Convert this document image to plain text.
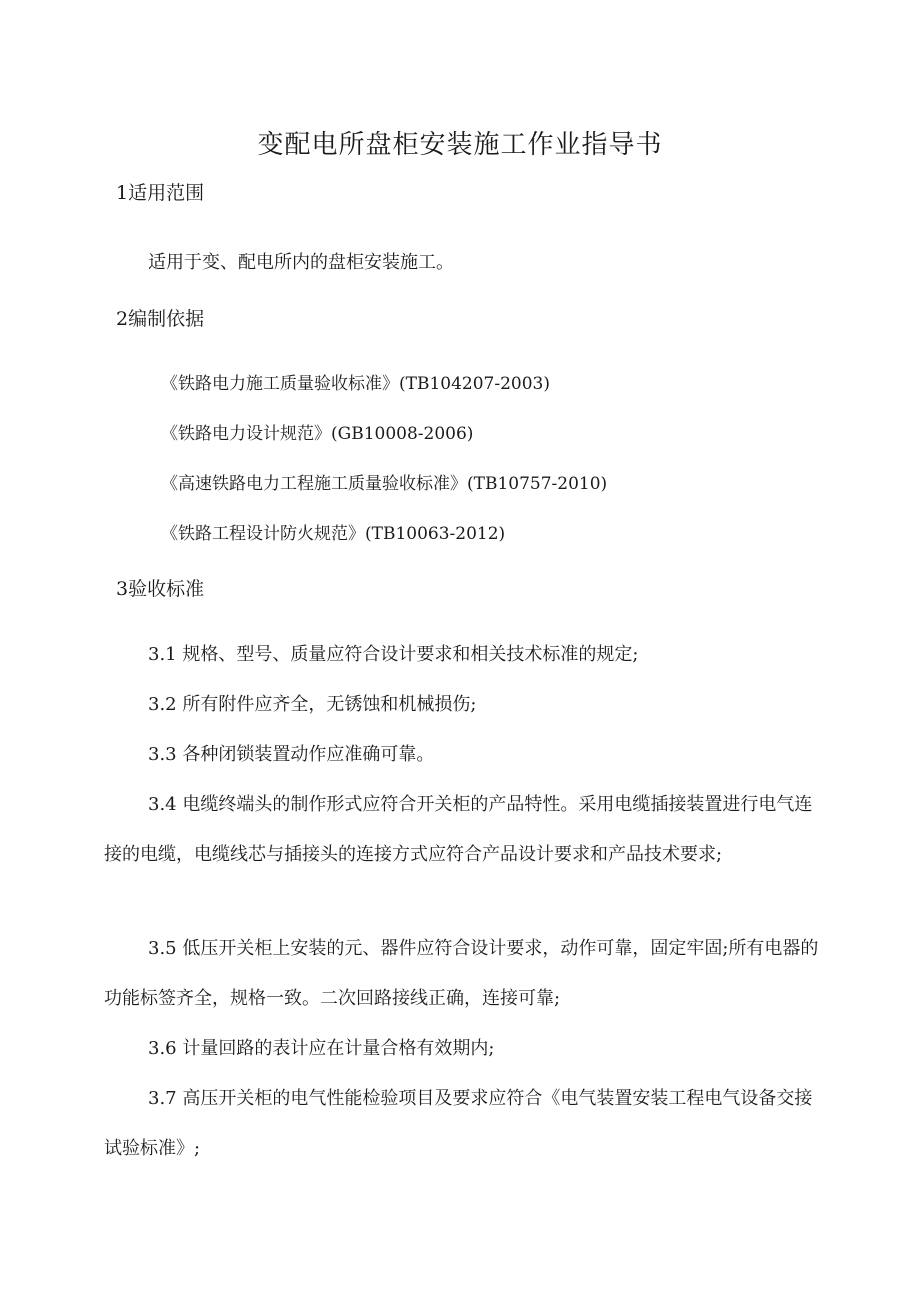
变配电所盘柜安装施工作业指导书
1适用范围
适用于变、配电所内的盘柜安装施工。
2编制依据
《铁路电力施工质量验收标准》(TB104207-2003)
《铁路电力设计规范》(GB10008-2006)
《高速铁路电力工程施工质量验收标准》(TB10757-2010)
《铁路工程设计防火规范》(TB10063-2012)
3验收标准
3.1 规格、型号、质量应符合设计要求和相关技术标准的规定;
3.2 所有附件应齐全，无锈蚀和机械损伤;
3.3 各种闭锁装置动作应准确可靠。
3.4 电缆终端头的制作形式应符合开关柜的产品特性。采用电缆插接装置进行电气连接的电缆，电缆线芯与插接头的连接方式应符合产品设计要求和产品技术要求;
3.5 低压开关柜上安装的元、器件应符合设计要求，动作可靠，固定牢固;所有电器的功能标签齐全，规格一致。二次回路接线正确，连接可靠;
3.6 计量回路的表计应在计量合格有效期内;
3.7 高压开关柜的电气性能检验项目及要求应符合《电气装置安装工程电气设备交接试验标准》;
